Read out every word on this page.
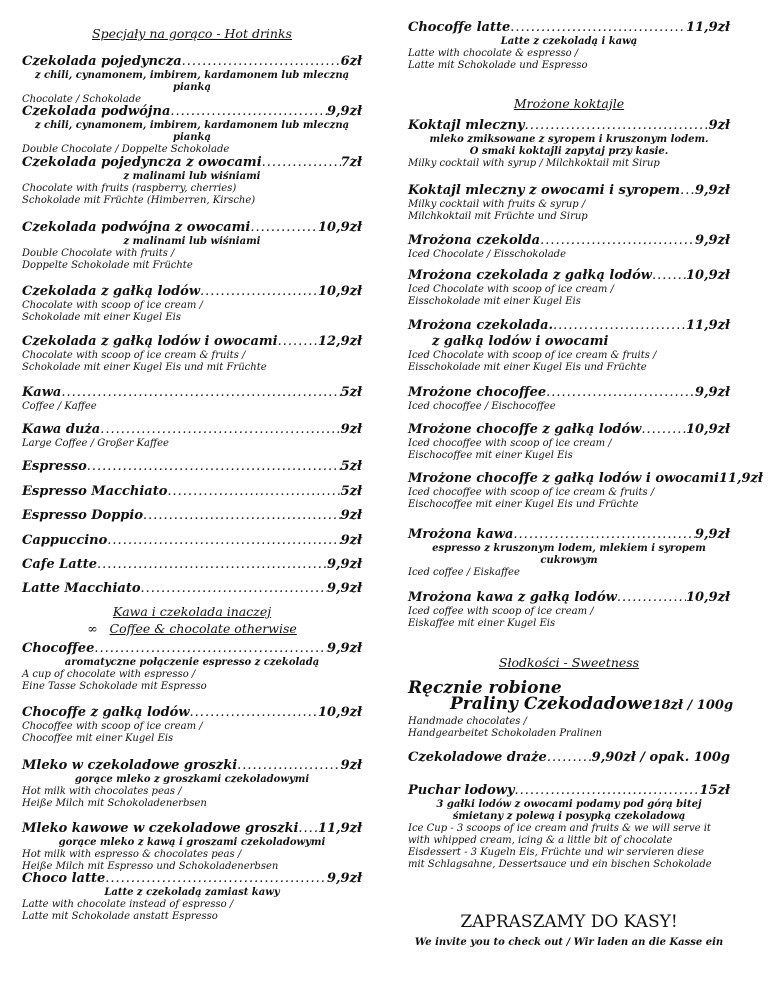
Specjały na gorąco - Hot drinks
Czekolada pojedyncza .....	6zł
z chili, cynamonem, imbirem, kardamonem lub mleczną pianką
Chocolate / Schokolade
Czekolada podwójna .....	9,9zł
z chili, cynamonem, imbirem, kardamonem lub mleczną pianką
Double Chocolate / Doppelte Schokolade
Czekolada pojedyncza z owocami .....	7zł
z malinami lub wiśniami
Chocolate with fruits (raspberry, cherries)
Schokolade mit Früchte (Himberren, Kirsche)
Czekolada podwójna z owocami .....	10,9zł
z malinami lub wiśniami
Double Chocolate with fruits /
Doppelte Schokolade mit Früchte
Czekolada z gałką lodów .....	10,9zł
Chocolate with scoop of ice cream /
Schokolade mit einer Kugel Eis
Czekolada z gałką lodów i owocami .....	12,9zł
Chocolate with scoop of ice cream & fruits /
Schokolade mit einer Kugel Eis und mit Früchte
Kawa .....	5zł
Coffee / Kaffee
Kawa duża .....	9zł
Large Coffee / Großer Kaffee
Espresso .....	5zł
Espresso Macchiato .....	5zł
Espresso Doppio .....	9zł
Cappuccino .....	9zł
Cafe Latte .....	9,9zł
Latte Macchiato .....	9,9zł
Kawa i czekolada inaczej
∞ Coffee & chocolate otherwise
Chocoffee .....	9,9zł
aromatyczne połączenie espresso z czekoladą
A cup of chocolate with espresso /
Eine Tasse Schokolade mit Espresso
Chocoffe z gałką lodów .....	10,9zł
Chocoffee with scoop of ice cream /
Chocoffee mit einer Kugel Eis
Mleko w czekoladowe groszki .....	9zł
gorące mleko z groszkami czekoladowymi
Hot milk with chocolates peas /
Heiße Milch mit Schokoladenerbsen
Mleko kawowe w czekoladowe groszki ..... 11,9zł
gorące mleko z kawą i groszami czekoladowymi
Hot milk with espresso & chocolates peas /
Heiße Milch mit Espresso und Schokoladenerbsen
Choco latte .....	9,9zł
Latte z czekoladą zamiast kawy
Latte with chocolate instead of espresso /
Latte mit Schokolade anstatt Espresso
Chocoffe latte .....	11,9zł
Latte z czekoladą i kawą
Latte with chocolate & espresso /
Latte mit Schokolade und Espresso
Mrożone koktajle
Koktajl mleczny .....	9zł
mleko zmiksowane z syropem i kruszonym lodem.
O smaki koktajli zapytaj przy kasie.
Milky cocktail with syrup / Milchkoktail mit Sirup
Koktajl mleczny z owocami i syropem ..... 9,9zł
Milky cocktail with fruits & syrup /
Milchkoktail mit Früchte und Sirup
Mrożona czekolda .....	9,9zł
Iced Chocolate / Eisschokolade
Mrożona czekolada z gałką lodów .....	10,9zł
Iced Chocolate with scoop of ice cream /
Eisschokolade mit einer Kugel Eis
Mrożona czekolada. .....	11,9zł
z gałką lodów i owocami
Iced Chocolate with scoop of ice cream & fruits /
Eisschokolade mit einer Kugel Eis und Früchte
Mrożone chocoffee .....	9,9zł
Iced chocoffee / Eischocoffee
Mrożone chocoffe z gałką lodów .....	10,9zł
Iced chocoffee with scoop of ice cream /
Eischocoffee mit einer Kugel Eis
Mrożone chocoffe z gałką lodów i owocami 11,9zł
Iced chocoffee with scoop of ice cream & fruits /
Eischocoffee mit einer Kugel Eis und Früchte
Mrożona kawa .....	9,9zł
espresso z kruszonym lodem, mlekiem i syropem
cukrowym
Iced coffee / Eiskaffee
Mrożona kawa z gałką lodów .....	10,9zł
Iced coffee with scoop of ice cream /
Eiskaffee mit einer Kugel Eis
Słodkości - Sweetness
Ręcznie robione
Praliny Czekodadowe 18zł / 100g
Handmade chocolates /
Handgearbeitet Schokoladen Pralinen
Czekoladowe draże .....	9,90zł / opak. 100g
Puchar lodowy .....	15zł
3 gałki lodów z owocami podamy pod górą bitej
śmietany z polewą i posypką czekoladową
Ice Cup - 3 scoops of ice cream and fruits & we will serve it
with whipped cream, icing & a little bit of chocolate
Eisdessert - 3 Kugeln Eis, Früchte und wir servieren diese
mit Schlagsahne, Dessertsauce und ein bischen Schokolade
ZAPRASZAMY DO KASY!
We invite you to check out / Wir laden an die Kasse ein
